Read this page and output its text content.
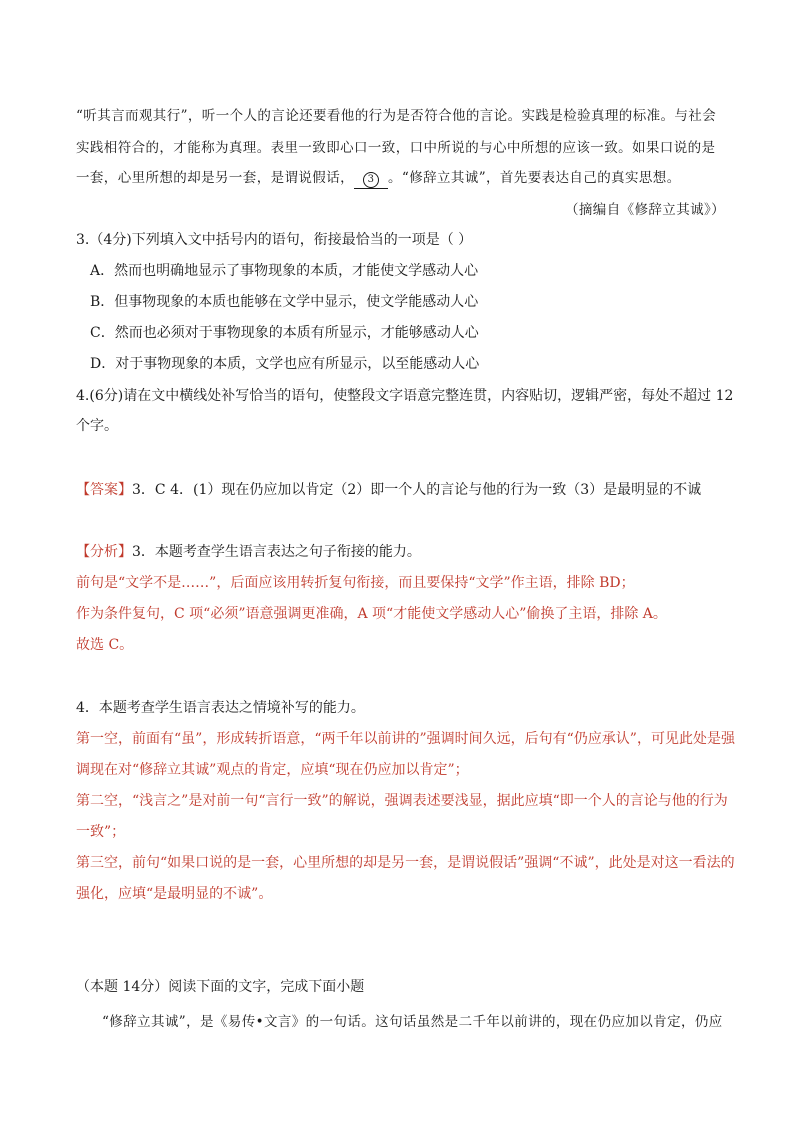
“听其言而观其行”，听一个人的言论还要看他的行为是否符合他的言论。实践是检验真理的标准。与社会
实践相符合的，才能称为真理。表里一致即心口一致，口中所说的与心中所想的应该一致。如果口说的是
一套，心里所想的却是另一套，是谓说假话， 3 。“修辞立其诚”，首先要表达自己的真实思想。
（摘编自《修辞立其诚》）
3.（4分)下列填入文中括号内的语句，衔接最恰当的一项是（ ）
A．然而也明确地显示了事物现象的本质，才能使文学感动人心
B．但事物现象的本质也能够在文学中显示，使文学能感动人心
C．然而也必须对于事物现象的本质有所显示，才能够感动人心
D．对于事物现象的本质，文学也应有所显示，以至能感动人心
4.(6分)请在文中横线处补写恰当的语句，使整段文字语意完整连贯，内容贴切，逻辑严密，每处不超过 12
个字。
【答案】3．C 4．(1）现在仍应加以肯定（2）即一个人的言论与他的行为一致（3）是最明显的不诚
【分析】3．本题考查学生语言表达之句子衔接的能力。
前句是“文学不是……”，后面应该用转折复句衔接，而且要保持“文学”作主语，排除 BD；
作为条件复句，C 项“必须”语意强调更准确，A 项“才能使文学感动人心”偷换了主语，排除 A。
故选 C。
4．本题考查学生语言表达之情境补写的能力。
第一空，前面有“虽”，形成转折语意，“两千年以前讲的”强调时间久远，后句有“仍应承认”，可见此处是强
调现在对“修辞立其诚”观点的肯定，应填“现在仍应加以肯定”；
第二空，“浅言之”是对前一句“言行一致”的解说，强调表述要浅显，据此应填“即一个人的言论与他的行为
一致”；
第三空，前句“如果口说的是一套，心里所想的却是另一套，是谓说假话”强调“不诚”，此处是对这一看法的
强化，应填“是最明显的不诚”。
（本题 14分）阅读下面的文字，完成下面小题
“修辞立其诚”，是《易传•文言》的一句话。这句话虽然是二千年以前讲的，现在仍应加以肯定，仍应
